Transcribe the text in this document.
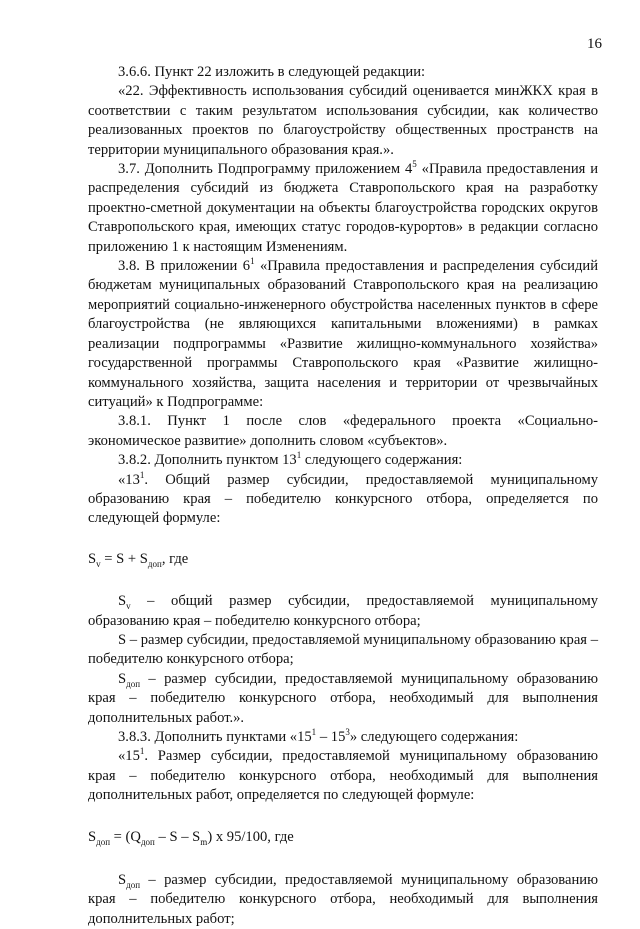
16

3.6.6. Пункт 22 изложить в следующей редакции:

«22. Эффективность использования субсидий оценивается минЖКХ края в соответствии с таким результатом использования субсидии, как количество реализованных проектов по благоустройству общественных пространств на территории муниципального образования края.».

3.7. Дополнить Подпрограмму приложением $4^5$ «Правила предоставления и распределения субсидий из бюджета Ставропольского края на разработку проектно-сметной документации на объекты благоустройства городских округов Ставропольского края, имеющих статус городов-курортов» в редакции согласно приложению 1 к настоящим Изменениям.

3.8. В приложении $6^1$ «Правила предоставления и распределения субсидий бюджетам муниципальных образований Ставропольского края на реализацию мероприятий социально-инженерного обустройства населенных пунктов в сфере благоустройства (не являющихся капитальными вложениями) в рамках реализации подпрограммы «Развитие жилищно-коммунального хозяйства» государственной программы Ставропольского края «Развитие жилищно-коммунального хозяйства, защита населения и территории от чрезвычайных ситуаций» к Подпрограмме:

3.8.1. Пункт 1 после слов «федерального проекта «Социально-экономическое развитие» дополнить словом «субъектов».

3.8.2. Дополнить пунктом $13^1$ следующего содержания:

«$13^1$. Общий размер субсидии, предоставляемой муниципальному образованию края – победителю конкурсного отбора, определяется по следующей формуле:

$S_v = S + S_{доп}$, где

$S_v$ – общий размер субсидии, предоставляемой муниципальному образованию края – победителю конкурсного отбора;

S – размер субсидии, предоставляемой муниципальному образованию края – победителю конкурсного отбора;

$S_{доп}$ – размер субсидии, предоставляемой муниципальному образованию края – победителю конкурсного отбора, необходимый для выполнения дополнительных работ.».

3.8.3. Дополнить пунктами «$15^1 - 15^3$» следующего содержания:

«$15^1$. Размер субсидии, предоставляемой муниципальному образованию края – победителю конкурсного отбора, необходимый для выполнения дополнительных работ, определяется по следующей формуле:

$S_{доп} = (Q_{доп} - S - S_m)$ x 95/100, где

$S_{доп}$ – размер субсидии, предоставляемой муниципальному образованию края – победителю конкурсного отбора, необходимый для выполнения дополнительных работ;
